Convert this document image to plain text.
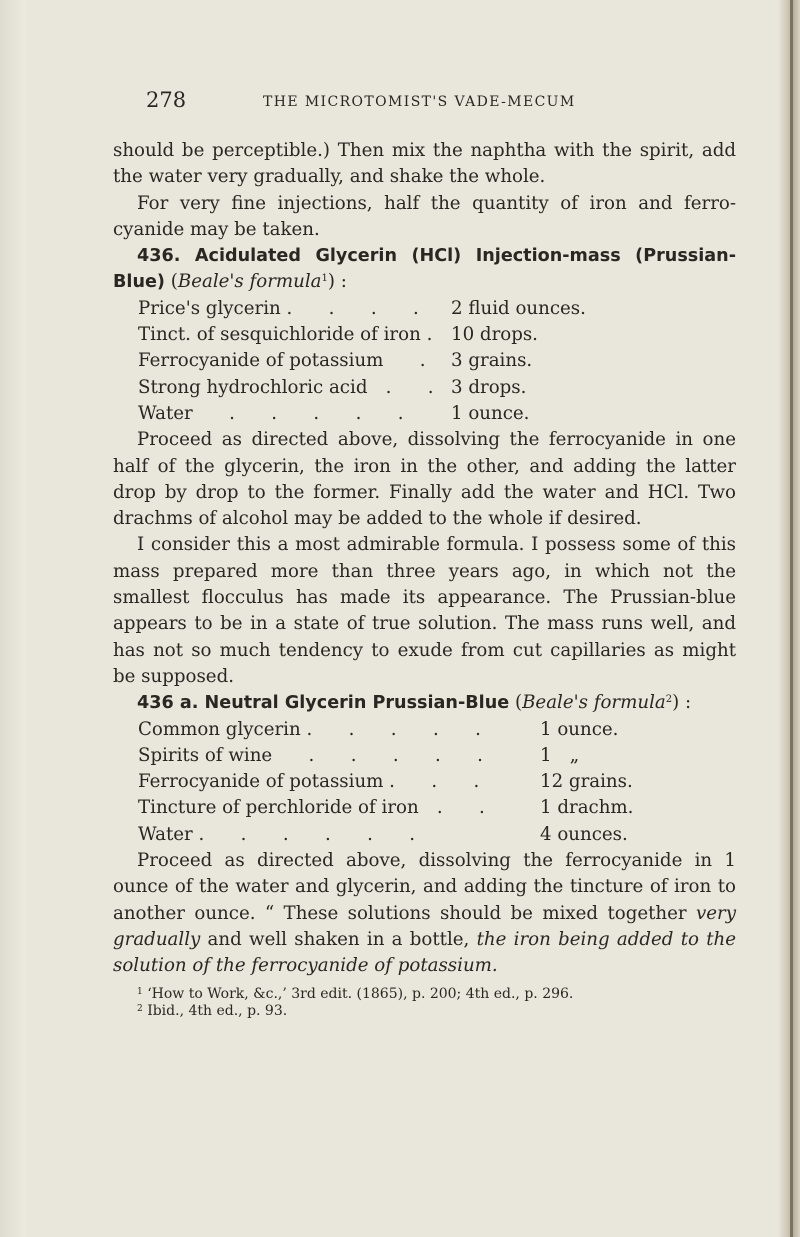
278	THE MICROTOMIST'S VADE-MECUM

should be perceptible.) Then mix the naphtha with the spirit, add the water very gradually, and shake the whole.

For very fine injections, half the quantity of iron and ferro-cyanide may be taken.

436. Acidulated Glycerin (HCl) Injection-mass (Prussian-Blue) (Beale's formula$^1$) :

Price's glycerin .  .  .  . 2 fluid ounces.
Tinct. of sesquichloride of iron . 10 drops.
Ferrocyanide of potassium  . 3 grains.
Strong hydrochloric acid .  . 3 drops.
Water  .  .  .  .  .	1 ounce.

Proceed as directed above, dissolving the ferrocyanide in one half of the glycerin, the iron in the other, and adding the latter drop by drop to the former. Finally add the water and HCl. Two drachms of alcohol may be added to the whole if desired.

I consider this a most admirable formula. I possess some of this mass prepared more than three years ago, in which not the smallest flocculus has made its appearance. The Prussian-blue appears to be in a state of true solution. The mass runs well, and has not so much tendency to exude from cut capillaries as might be supposed.

436 a. Neutral Glycerin Prussian-Blue (Beale's formula$^2$) :

Common glycerin .  .  .  .  .	1 ounce.
Spirits of wine  .  .  .  .  .	1 „
Ferrocyanide of potassium .  .  .	12 grains.
Tincture of perchloride of iron .  .	1 drachm.
Water .  .  .  .  .  .	4 ounces.

Proceed as directed above, dissolving the ferrocyanide in 1 ounce of the water and glycerin, and adding the tincture of iron to another ounce. “ These solutions should be mixed together very gradually and well shaken in a bottle, the iron being added to the solution of the ferrocyanide of potassium.

$^1$ ‘How to Work, &c.,’ 3rd edit. (1865), p. 200; 4th ed., p. 296.

$^2$ Ibid., 4th ed., p. 93.
